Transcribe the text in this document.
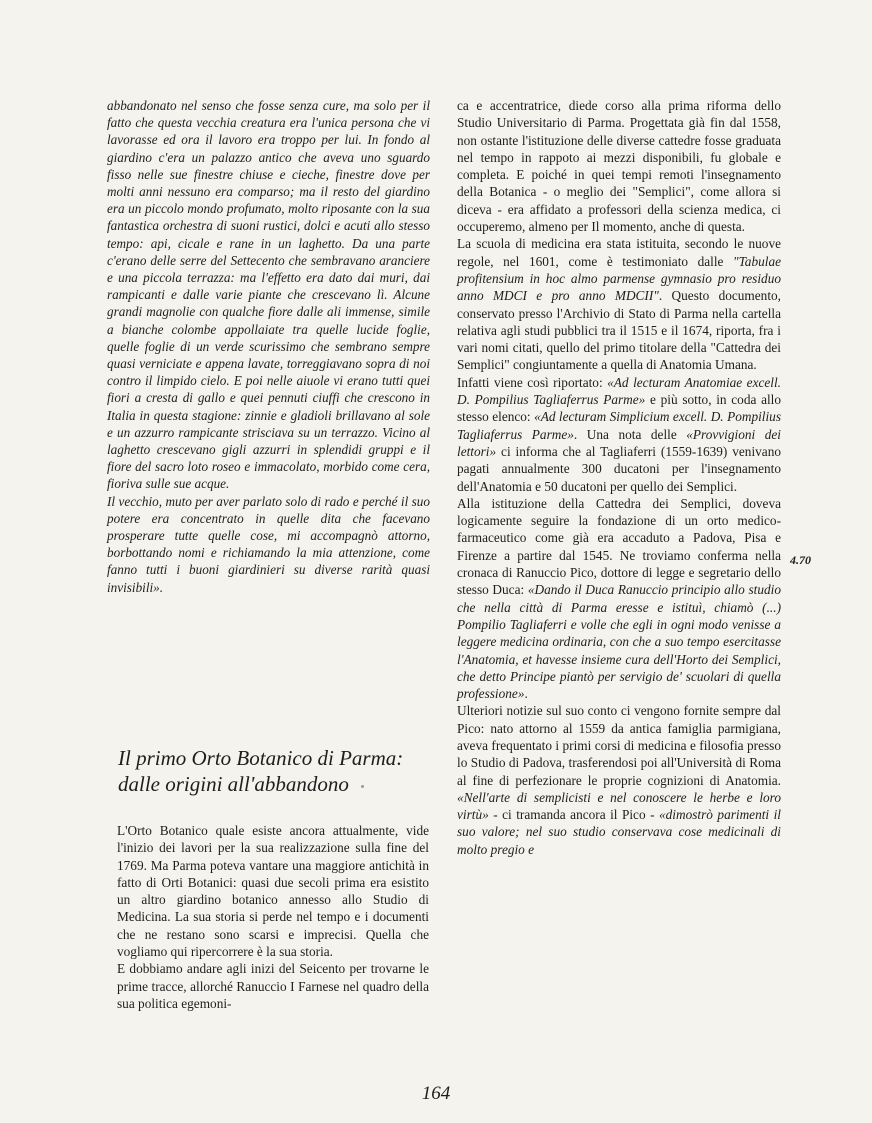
abbandonato nel senso che fosse senza cure, ma solo per il fatto che questa vecchia creatura era l'unica persona che vi lavorasse ed ora il lavoro era troppo per lui. In fondo al giardino c'era un palazzo antico che aveva uno sguardo fisso nelle sue finestre chiuse e cieche, finestre dove per molti anni nessuno era comparso; ma il resto del giardino era un piccolo mondo profumato, molto riposante con la sua fantastica orchestra di suoni rustici, dolci e acuti allo stesso tempo: api, cicale e rane in un laghetto. Da una parte c'erano delle serre del Settecento che sembravano aranciere e una piccola terrazza: ma l'effetto era dato dai muri, dai rampicanti e dalle varie piante che crescevano lì. Alcune grandi magnolie con qualche fiore dalle ali immense, simile a bianche colombe appollaiate tra quelle lucide foglie, quelle foglie di un verde scurissimo che sembrano sempre quasi verniciate e appena lavate, torreggiavano sopra di noi contro il limpido cielo. E poi nelle aiuole vi erano tutti quei fiori a cresta di gallo e quei pennuti ciuffi che crescono in Italia in questa stagione: zinnie e gladioli brillavano al sole e un azzurro rampicante strisciava su un terrazzo. Vicino al laghetto crescevano gigli azzurri in splendidi gruppi e il fiore del sacro loto roseo e immacolato, morbido come cera, fioriva sulle sue acque.

Il vecchio, muto per aver parlato solo di rado e perché il suo potere era concentrato in quelle dita che facevano prosperare tutte quelle cose, mi accompagnò attorno, borbottando nomi e richiamando la mia attenzione, come fanno tutti i buoni giardinieri su diverse rarità quasi invisibili».

Il primo Orto Botanico di Parma: dalle origini all'abbandono

L'Orto Botanico quale esiste ancora attualmente, vide l'inizio dei lavori per la sua realizzazione sulla fine del 1769. Ma Parma poteva vantare una maggiore antichità in fatto di Orti Botanici: quasi due secoli prima era esistito un altro giardino botanico annesso allo Studio di Medicina. La sua storia si perde nel tempo e i documenti che ne restano sono scarsi e imprecisi. Quella che vogliamo qui ripercorrere è la sua storia.

E dobbiamo andare agli inizi del Seicento per trovarne le prime tracce, allorché Ranuccio I Farnese nel quadro della sua politica egemoni-

ca e accentratrice, diede corso alla prima riforma dello Studio Universitario di Parma. Progettata già fin dal 1558, non ostante l'istituzione delle diverse cattedre fosse graduata nel tempo in rappoto ai mezzi disponibili, fu globale e completa. E poiché in quei tempi remoti l'insegnamento della Botanica - o meglio dei "Semplici", come allora si diceva - era affidato a professori della scienza medica, ci occuperemo, almeno per Il momento, anche di questa.

La scuola di medicina era stata istituita, secondo le nuove regole, nel 1601, come è testimoniato dalle "Tabulae profitensium in hoc almo parmense gymnasio pro residuo anno MDCI e pro anno MDCII". Questo documento, conservato presso l'Archivio di Stato di Parma nella cartella relativa agli studi pubblici tra il 1515 e il 1674, riporta, fra i vari nomi citati, quello del primo titolare della "Cattedra dei Semplici" congiuntamente a quella di Anatomia Umana.

Infatti viene così riportato: «Ad lecturam Anatomiae excell. D. Pompilius Tagliaferrus Parme» e più sotto, in coda allo stesso elenco: «Ad lecturam Simplicium excell. D. Pompilius Tagliaferrus Parme». Una nota delle «Provvigioni dei lettori» ci informa che al Tagliaferri (1559-1639) venivano pagati annualmente 300 ducatoni per l'insegnamento dell'Anatomia e 50 ducatoni per quello dei Semplici.

Alla istituzione della Cattedra dei Semplici, doveva logicamente seguire la fondazione di un orto medico-farmaceutico come già era accaduto a Padova, Pisa e Firenze a partire dal 1545. Ne troviamo conferma nella cronaca di Ranuccio Pico, dottore di legge e segretario dello stesso Duca: «Dando il Duca Ranuccio principio allo studio che nella città di Parma eresse e istituì, chiamò (...) Pompilio Tagliaferri e volle che egli in ogni modo venisse a leggere medicina ordinaria, con che a suo tempo esercitasse l'Anatomia, et havesse insieme cura dell'Horto dei Semplici, che detto Principe piantò per servigio de' scuolari di quella professione».

Ulteriori notizie sul suo conto ci vengono fornite sempre dal Pico: nato attorno al 1559 da antica famiglia parmigiana, aveva frequentato i primi corsi di medicina e filosofia presso lo Studio di Padova, trasferendosi poi all'Università di Roma al fine di perfezionare le proprie cognizioni di Anatomia. «Nell'arte di semplicisti e nel conoscere le herbe e loro virtù» - ci tramanda ancora il Pico - «dimostrò parimenti il suo valore; nel suo studio conservava cose medicinali di molto pregio e

4.70
164
